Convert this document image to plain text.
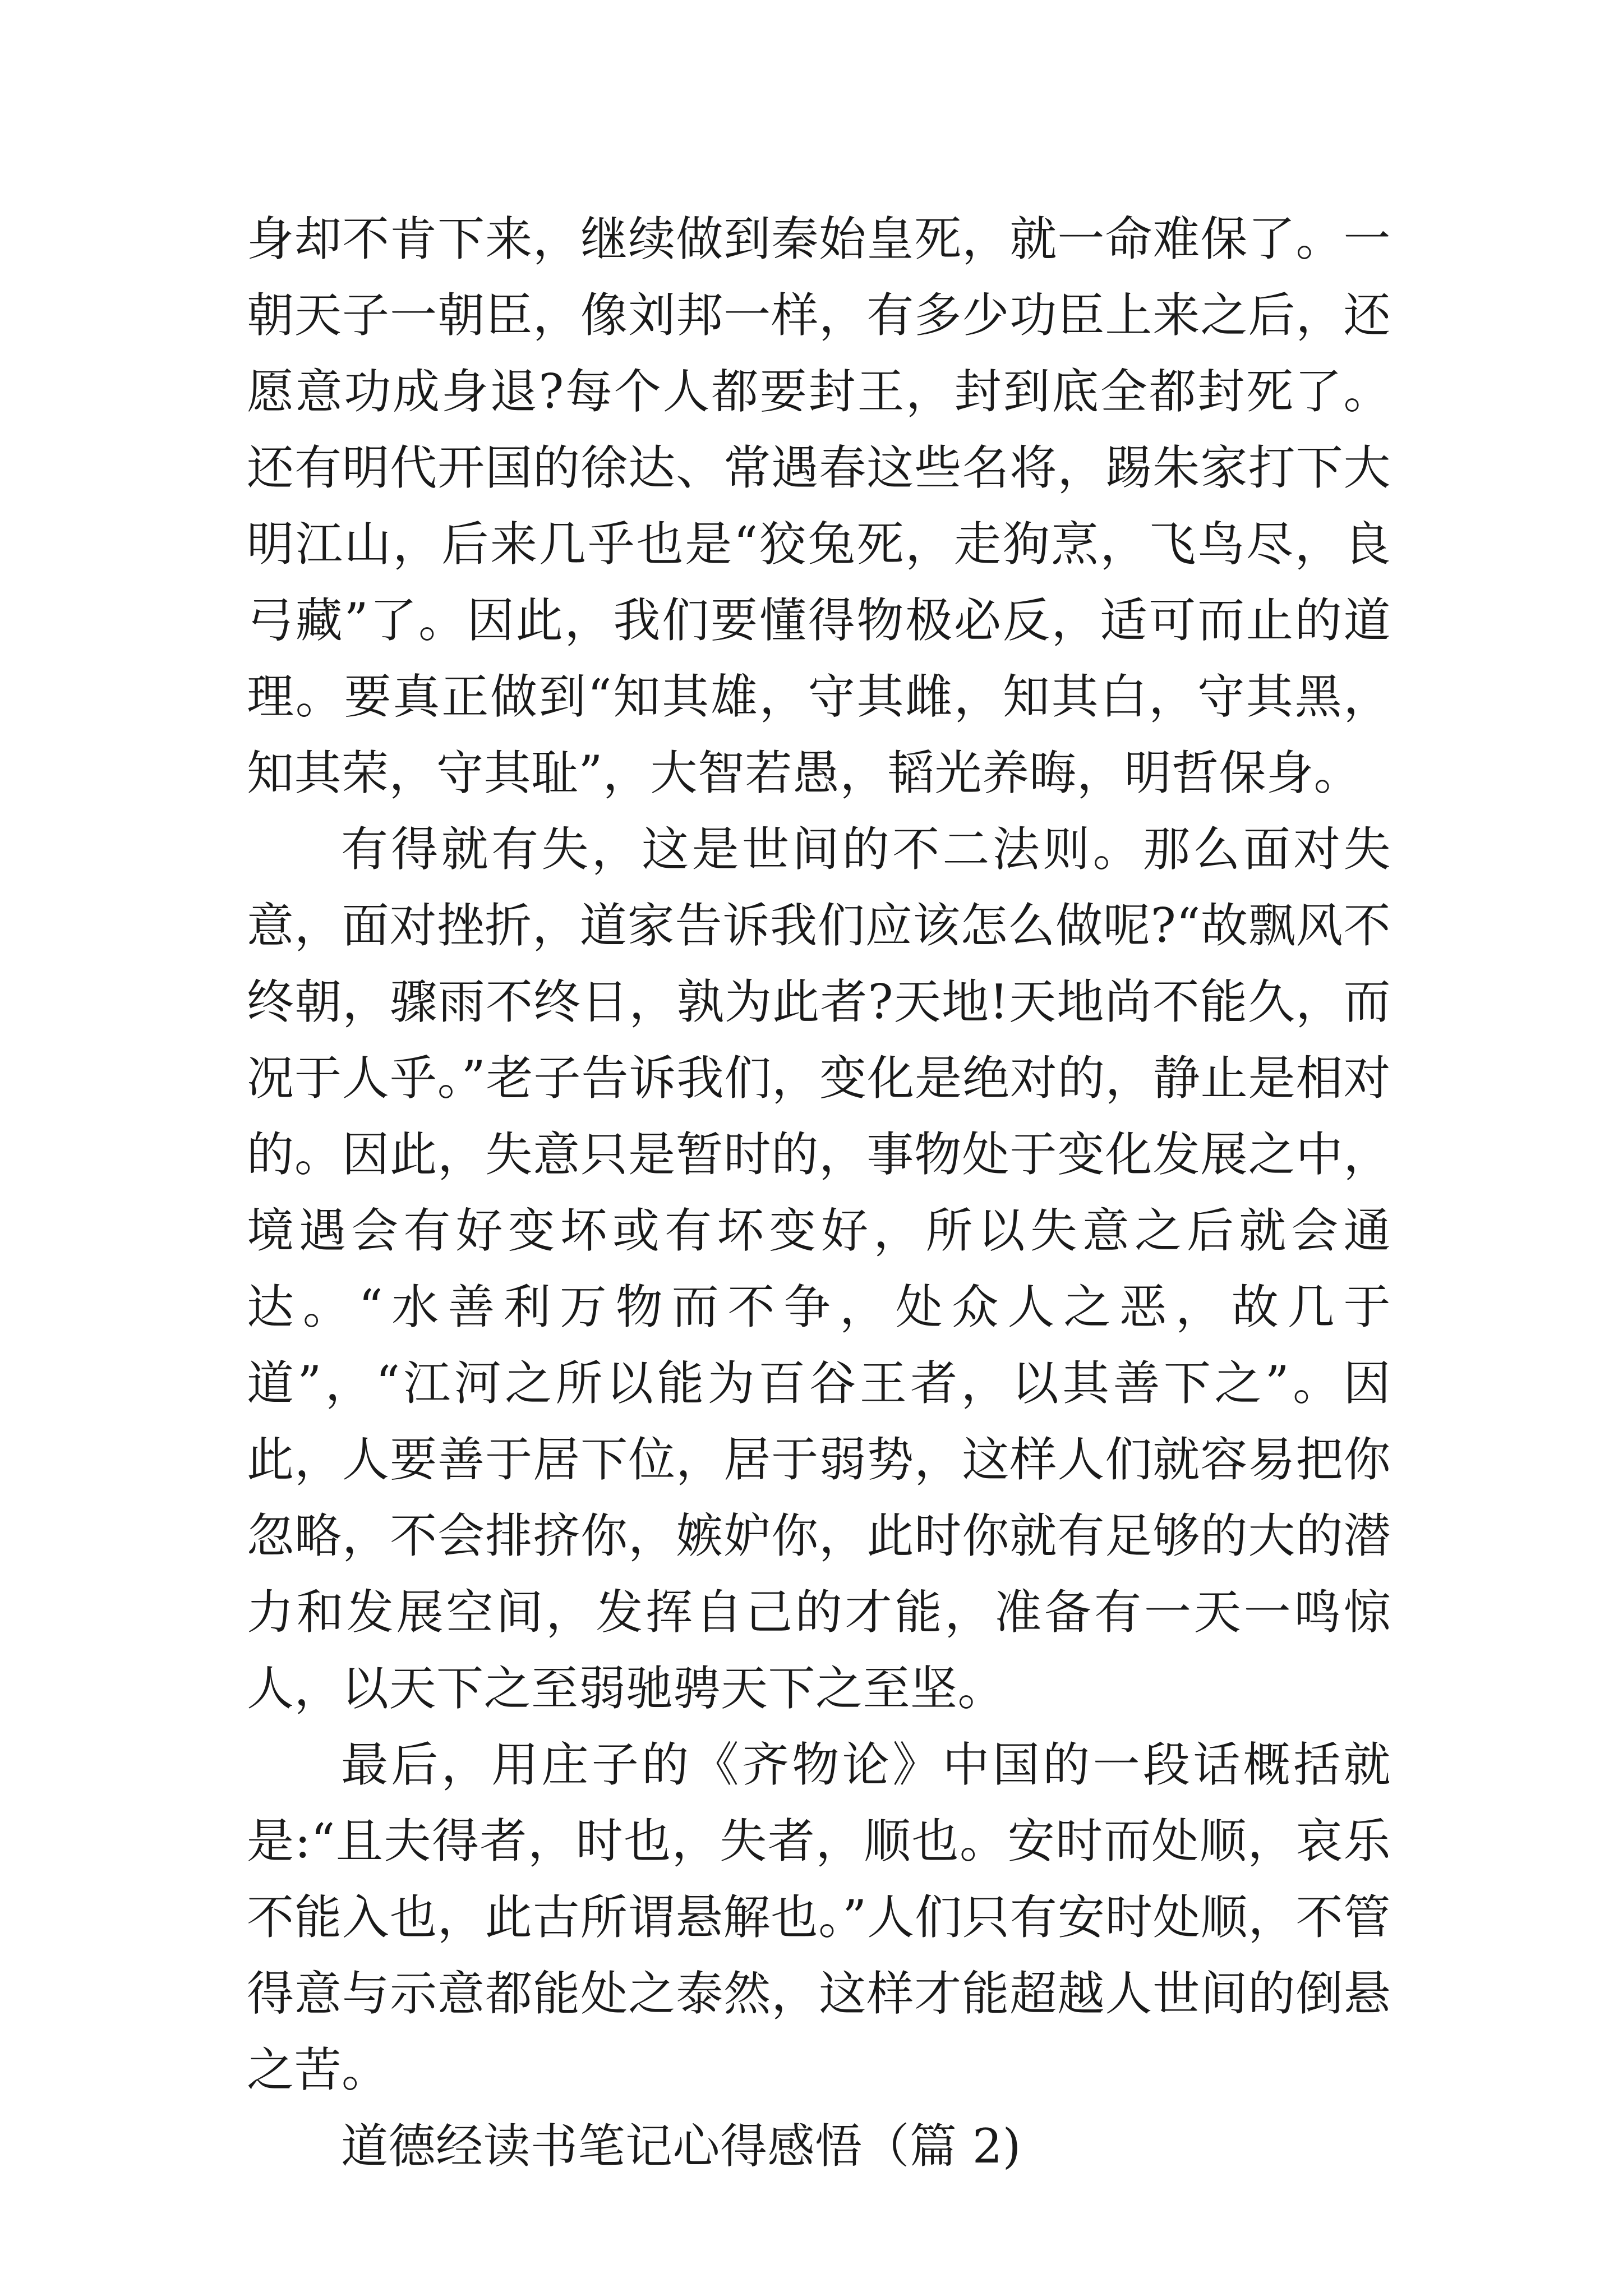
身却不肯下来，继续做到秦始皇死，就一命难保了。一朝天子一朝臣，像刘邦一样，有多少功臣上来之后，还愿意功成身退?每个人都要封王，封到底全都封死了。还有明代开国的徐达、常遇春这些名将，踢朱家打下大明江山，后来几乎也是“狡兔死，走狗烹，飞鸟尽，良弓藏”了。因此，我们要懂得物极必反，适可而止的道理。要真正做到“知其雄，守其雌，知其白，守其黑，知其荣，守其耻”，大智若愚，韬光养晦，明哲保身。

有得就有失，这是世间的不二法则。那么面对失意，面对挫折，道家告诉我们应该怎么做呢?“故飘风不终朝，骤雨不终日，孰为此者?天地!天地尚不能久，而况于人乎。”老子告诉我们，变化是绝对的，静止是相对的。因此，失意只是暂时的，事物处于变化发展之中，境遇会有好变坏或有坏变好，所以失意之后就会通达。“水善利万物而不争，处众人之恶，故几于道”，“江河之所以能为百谷王者，以其善下之”。因此，人要善于居下位，居于弱势，这样人们就容易把你忽略，不会排挤你，嫉妒你，此时你就有足够的大的潜力和发展空间，发挥自己的才能，准备有一天一鸣惊人，以天下之至弱驰骋天下之至坚。

最后，用庄子的《齐物论》中国的一段话概括就是:“且夫得者，时也，失者，顺也。安时而处顺，哀乐不能入也，此古所谓悬解也。”人们只有安时处顺，不管得意与示意都能处之泰然，这样才能超越人世间的倒悬之苦。

道德经读书笔记心得感悟（篇 2)
